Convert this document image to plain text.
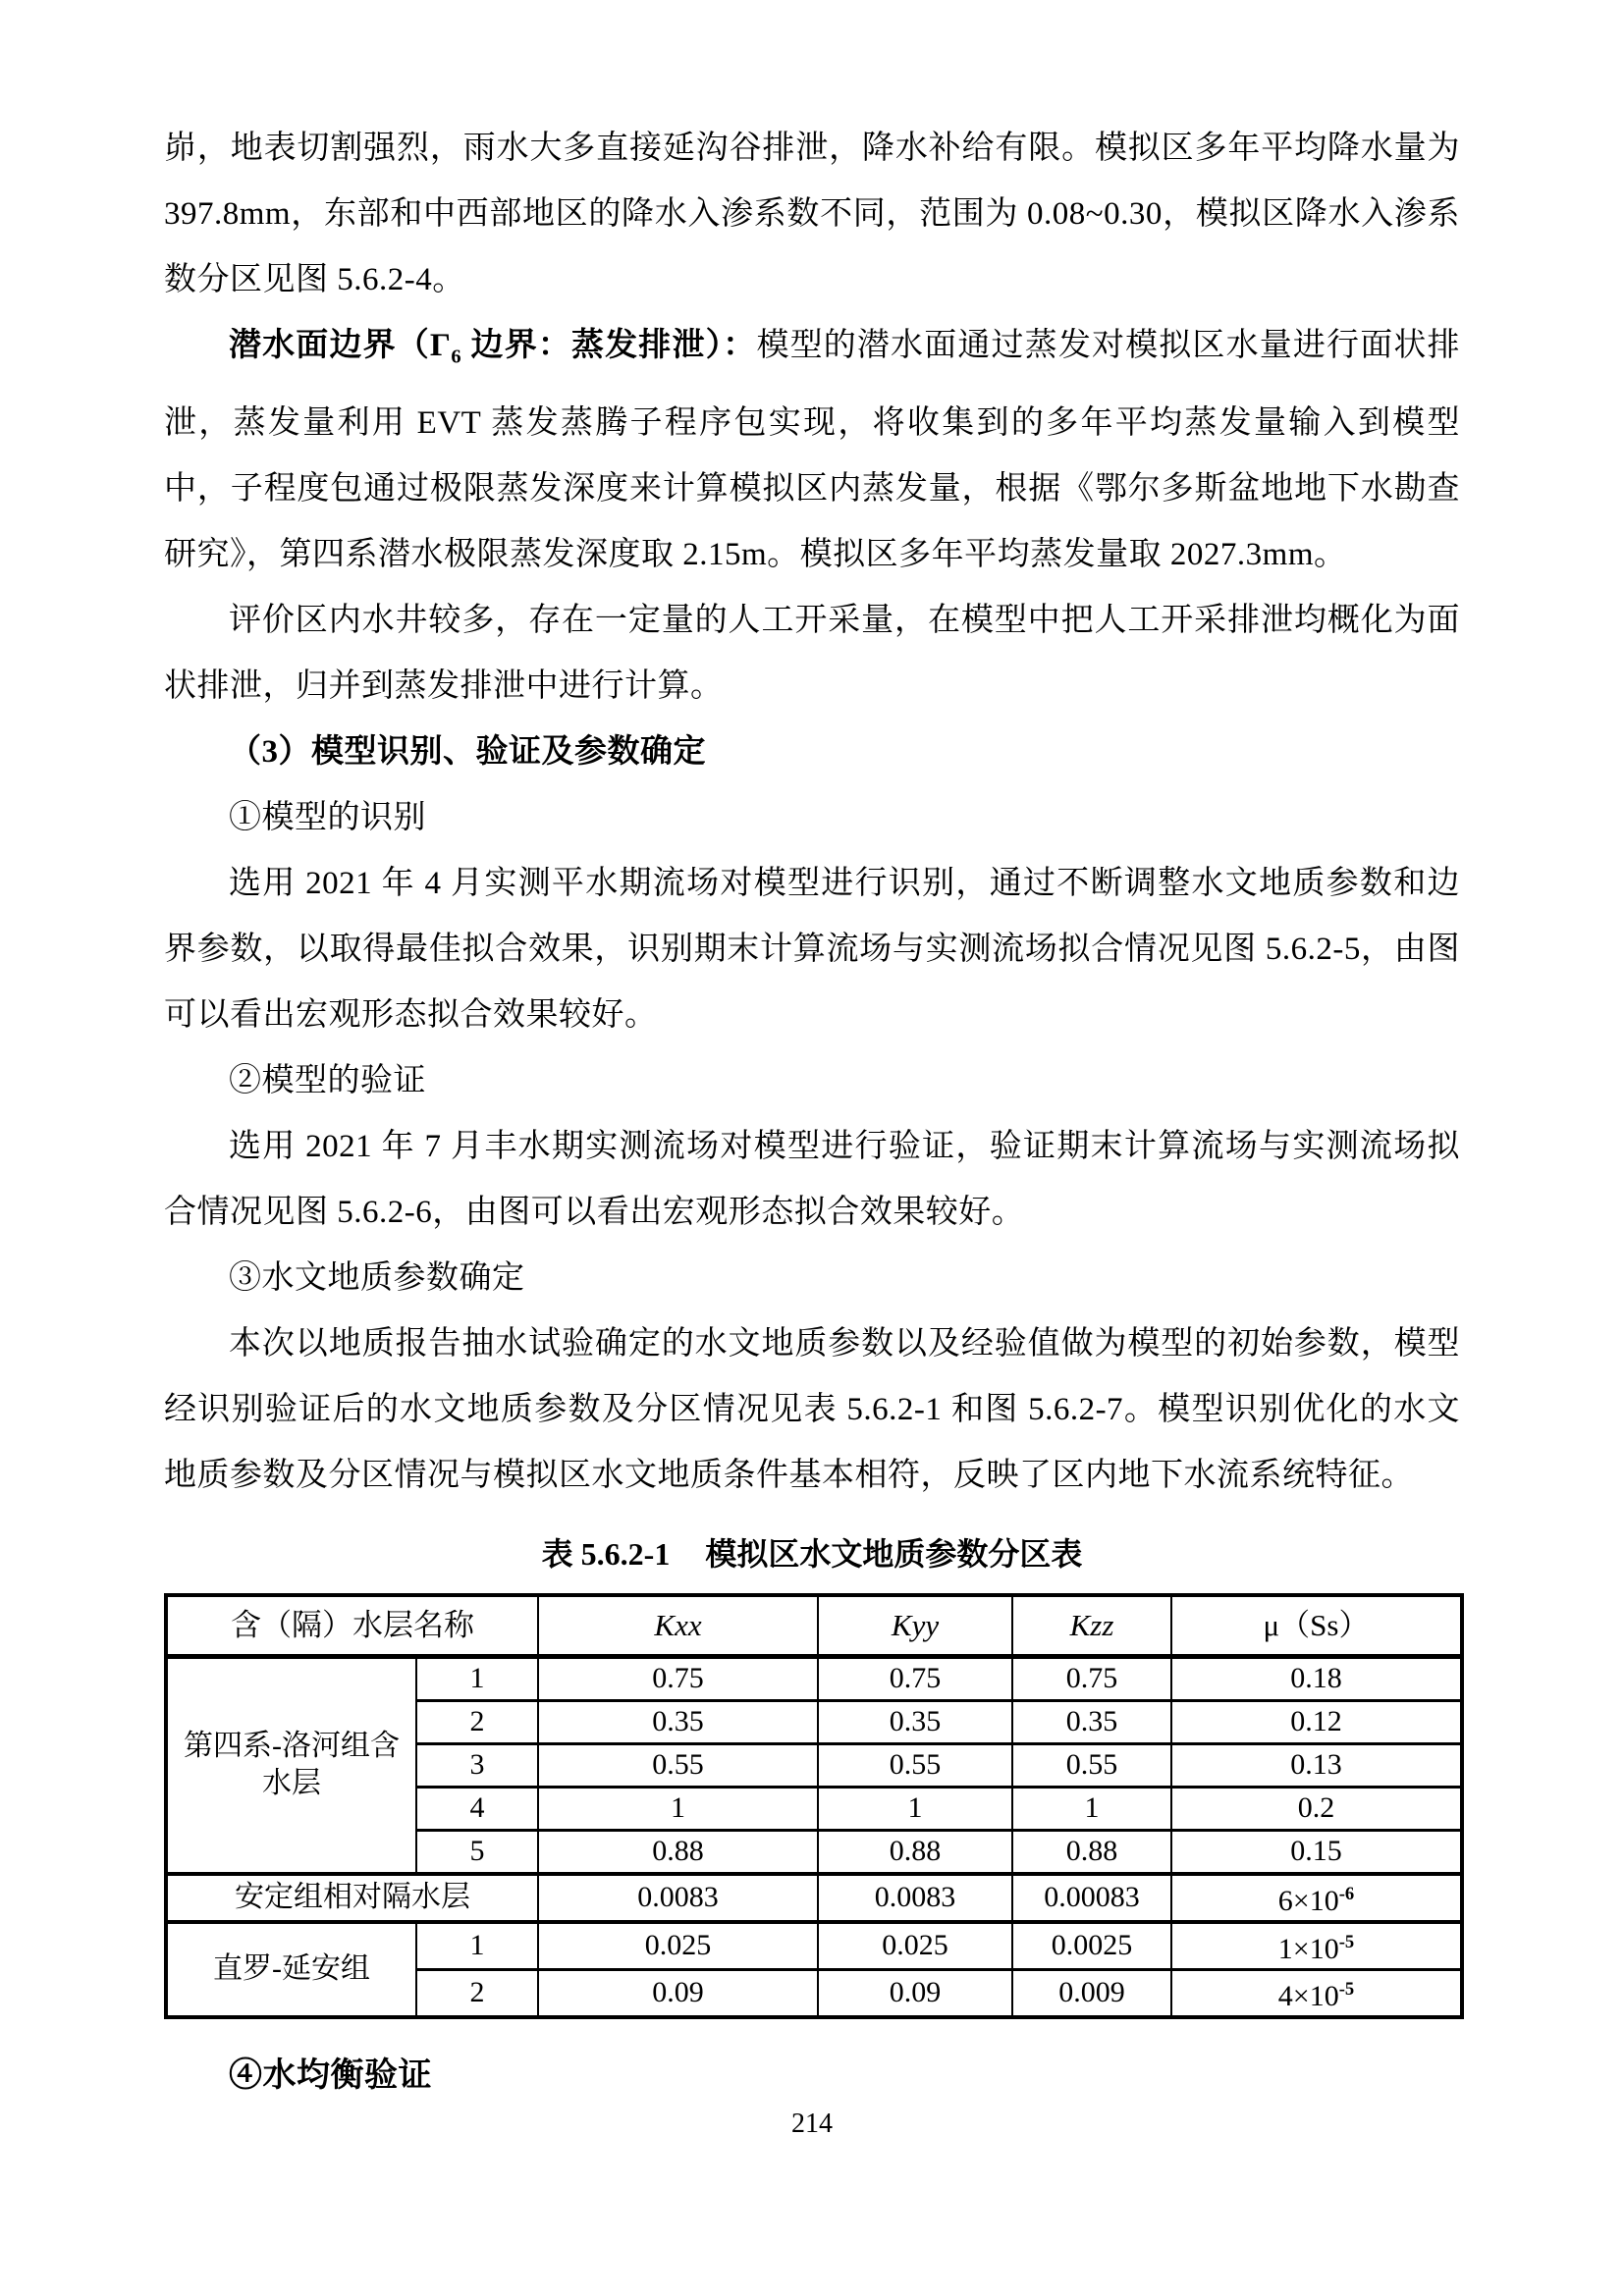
峁，地表切割强烈，雨水大多直接延沟谷排泄，降水补给有限。模拟区多年平均降水量为 397.8mm，东部和中西部地区的降水入渗系数不同，范围为 0.08~0.30，模拟区降水入渗系数分区见图 5.6.2-4。

潜水面边界（$\Gamma_6$ 边界：蒸发排泄）：模型的潜水面通过蒸发对模拟区水量进行面状排泄，蒸发量利用 EVT 蒸发蒸腾子程序包实现，将收集到的多年平均蒸发量输入到模型中，子程度包通过极限蒸发深度来计算模拟区内蒸发量，根据《鄂尔多斯盆地地下水勘查研究》，第四系潜水极限蒸发深度取 2.15m。模拟区多年平均蒸发量取 2027.3mm。

评价区内水井较多，存在一定量的人工开采量，在模型中把人工开采排泄均概化为面状排泄，归并到蒸发排泄中进行计算。

（3）模型识别、验证及参数确定

①模型的识别

选用 2021 年 4 月实测平水期流场对模型进行识别，通过不断调整水文地质参数和边界参数，以取得最佳拟合效果，识别期末计算流场与实测流场拟合情况见图 5.6.2-5，由图可以看出宏观形态拟合效果较好。

②模型的验证

选用 2021 年 7 月丰水期实测流场对模型进行验证，验证期末计算流场与实测流场拟合情况见图 5.6.2-6，由图可以看出宏观形态拟合效果较好。

③水文地质参数确定

本次以地质报告抽水试验确定的水文地质参数以及经验值做为模型的初始参数，模型经识别验证后的水文地质参数及分区情况见表 5.6.2-1 和图 5.6.2-7。模型识别优化的水文地质参数及分区情况与模拟区水文地质条件基本相符，反映了区内地下水流系统特征。

表 5.6.2-1 模拟区水文地质参数分区表

含（隔）水层名称		Kxx	Kyy	Kzz	μ（Ss）
第四系-洛河组含水层	1	0.75	0.75	0.75	0.18
	2	0.35	0.35	0.35	0.12
	3	0.55	0.55	0.55	0.13
	4	1	1	1	0.2
	5	0.88	0.88	0.88	0.15
安定组相对隔水层		0.0083	0.0083	0.00083	$6\times 10^{-6}$
直罗-延安组	1	0.025	0.025	0.0025	$1\times 10^{-5}$
	2	0.09	0.09	0.009	$4\times 10^{-5}$

④水均衡验证

214
